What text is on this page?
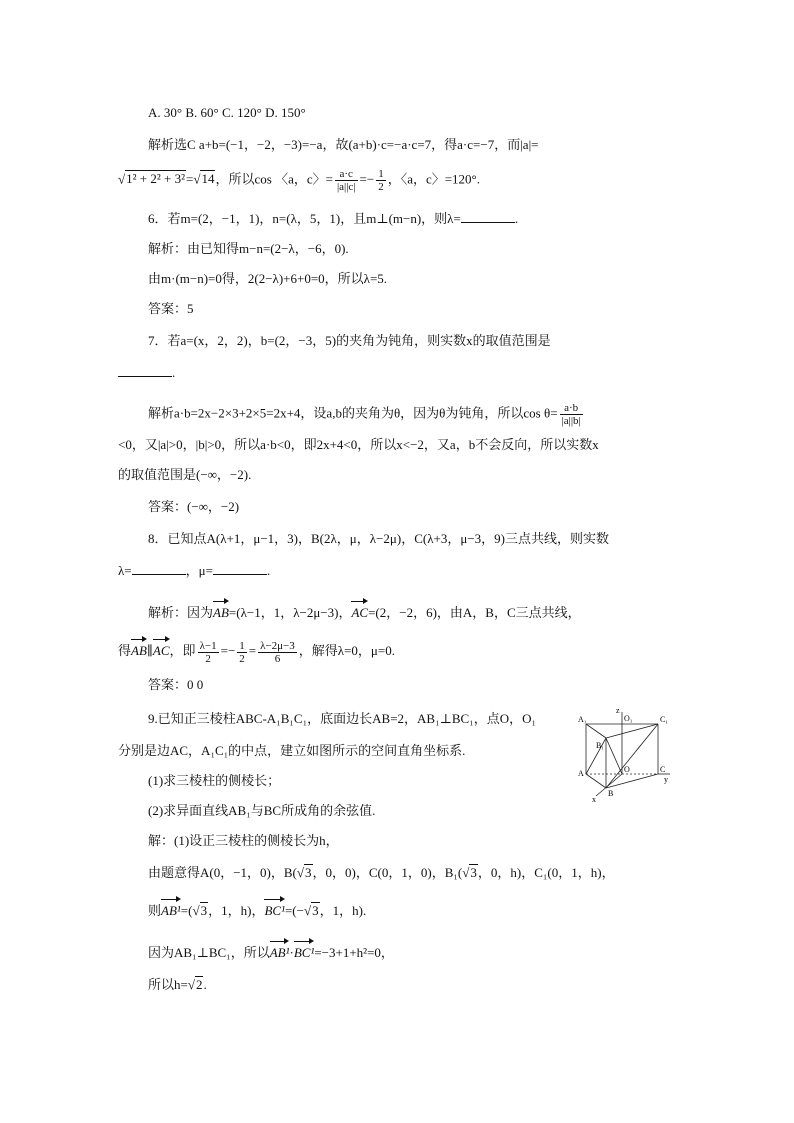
A. 30° B. 60° C. 120° D. 150°
解析选C a+b=(−1，−2，−3)=−a，故(a+b)·c=−a·c=7，得a·c=−7，而|a|=
√1² + 2² + 3²=√14，所以cos 〈a，c〉= $\frac{a\cdot c}{|a||c|} =- \frac{1}{2}$ ，〈a，c〉=120°.
6．若m=(2，−1，1)，n=(λ，5，1)，且m⊥(m−n)，则λ=	.
解析：由已知得m−n=(2−λ，−6，0).
由m·(m−n)=0得，2(2−λ)+6+0=0，所以λ=5.
答案：5
7．若a=(x，2，2)，b=(2，−3，5)的夹角为钝角，则实数x的取值范围是
.
解析a·b=2x−2×3+2×5=2x+4，设a,b的夹角为θ，因为θ为钝角，所以$\cos \theta= \frac{a\cdot b}{|a||b|}$
<0，又|a|>0，|b|>0，所以a·b<0，即2x+4<0，所以x<−2，又a，b不会反向，所以实数x
的取值范围是(−∞，−2).
答案：(−∞，−2)
8．已知点A(λ+1，μ−1，3)，B(2λ，μ，λ−2μ)，C(λ+3，μ−3，9)三点共线，则实数
λ=	，μ=	.
解析：因为AB=(λ−1，1，λ−2μ−3)，AC=(2，−2，6)，由A，B，C三点共线，
得AB∥AC，即 $\frac{\lambda-1}{2} =- \frac{1}{2} = \frac{\lambda-2\mu-3}{6}$ ，解得λ=0，μ=0.
答案：0 0
9.已知正三棱柱ABC-A₁B₁C₁，底面边长AB=2，AB₁⊥BC₁，点O，O₁
分别是边AC，A₁C₁的中点，建立如图所示的空间直角坐标系.
(1)求三棱柱的侧棱长；
(2)求异面直线AB₁与BC所成角的余弦值.
解：(1)设正三棱柱的侧棱长为h，
由题意得A(0，−1，0)，B(√3，0，0)，C(0，1，0)，B₁(√3，0，h)，C₁(0，1，h)，
则AB¹=(√3，1，h)，BC¹=(−√3，1，h).
因为AB₁⊥BC₁，所以AB¹·BC¹=−3+1+h²=0，
所以h=√2.
A₁	O₁	C₁
B₁
A	O	C
B
x
y
z
